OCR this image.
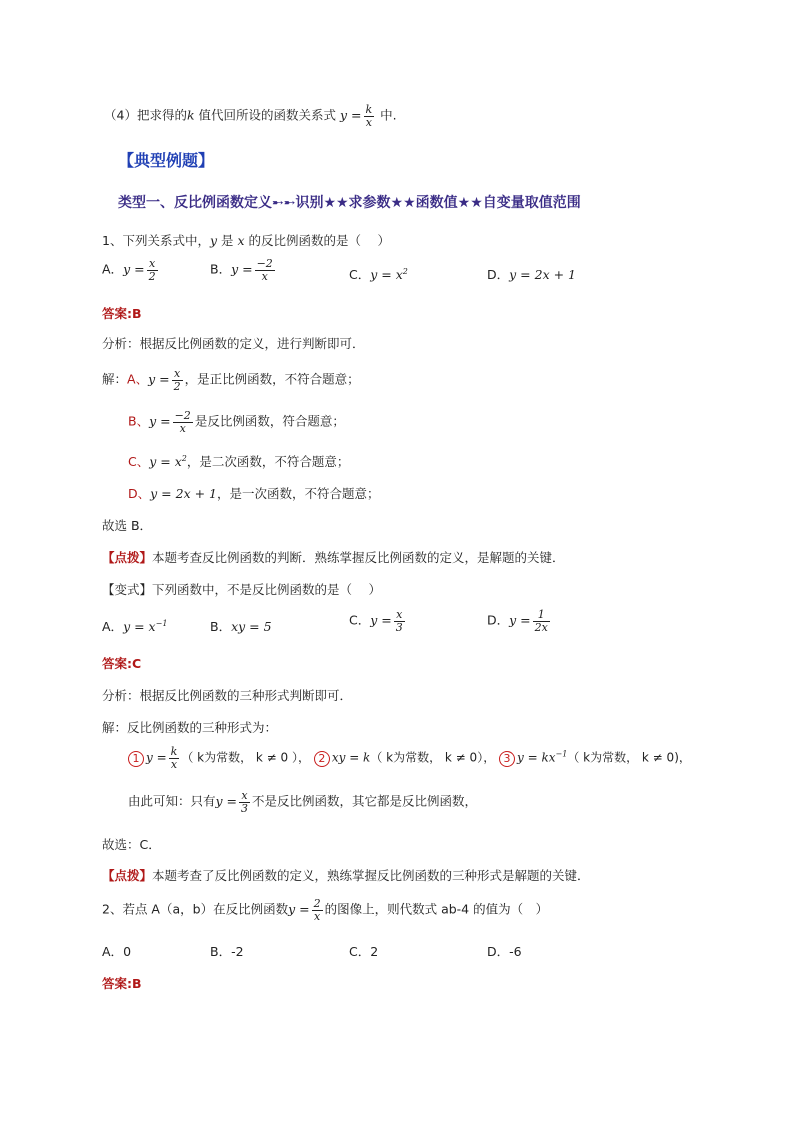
（4）把求得的k 值代回所设的函数关系式 $y = \frac{k}{x}$ 中.
【典型例题】
类型一、反比例函数定义➸➸识别★★求参数★★函数值★★自变量取值范围
1、下列关系式中，y 是 x 的反比例函数的是（　 ）
A．$y = \frac{x}{2}$	B．$y = \frac{-2}{x}$	C．$y = x^2$	D．y = 2x + 1
答案:B
分析：根据反比例函数的定义，进行判断即可．
解：A、$y = \frac{x}{2}$ ，是正比例函数，不符合题意；
B、$y = \frac{-2}{x}$ 是反比例函数，符合题意；
C、$y = x^2$，是二次函数，不符合题意；
D、y = 2x + 1，是一次函数，不符合题意；
故选 B．
【点拨】本题考查反比例函数的判断．熟练掌握反比例函数的定义，是解题的关键．
【变式】下列函数中，不是反比例函数的是（　 ）
A．$y = x^{-1}$	B．xy = 5	C．$y = \frac{x}{3}$	D．$y = \frac{1}{2x}$
答案:C
分析：根据反比例函数的三种形式判断即可．
解：反比例函数的三种形式为：
1 $y = \frac{k}{x}$ （ k为常数， k ≠ 0 ）， 2 xy = k（ k为常数， k ≠ 0）， 3 $y = kx^{-1}$（ k为常数， k ≠ 0)，
由此可知：只有$y = \frac{x}{3}$ 不是反比例函数，其它都是反比例函数，
故选：C．
【点拨】本题考查了反比例函数的定义，熟练掌握反比例函数的三种形式是解题的关键．
2、若点 A（a，b）在反比例函数$y = \frac{2}{x}$ 的图像上，则代数式 ab-4 的值为（　）
A．0	B．-2	C．2	D．-6
答案:B
